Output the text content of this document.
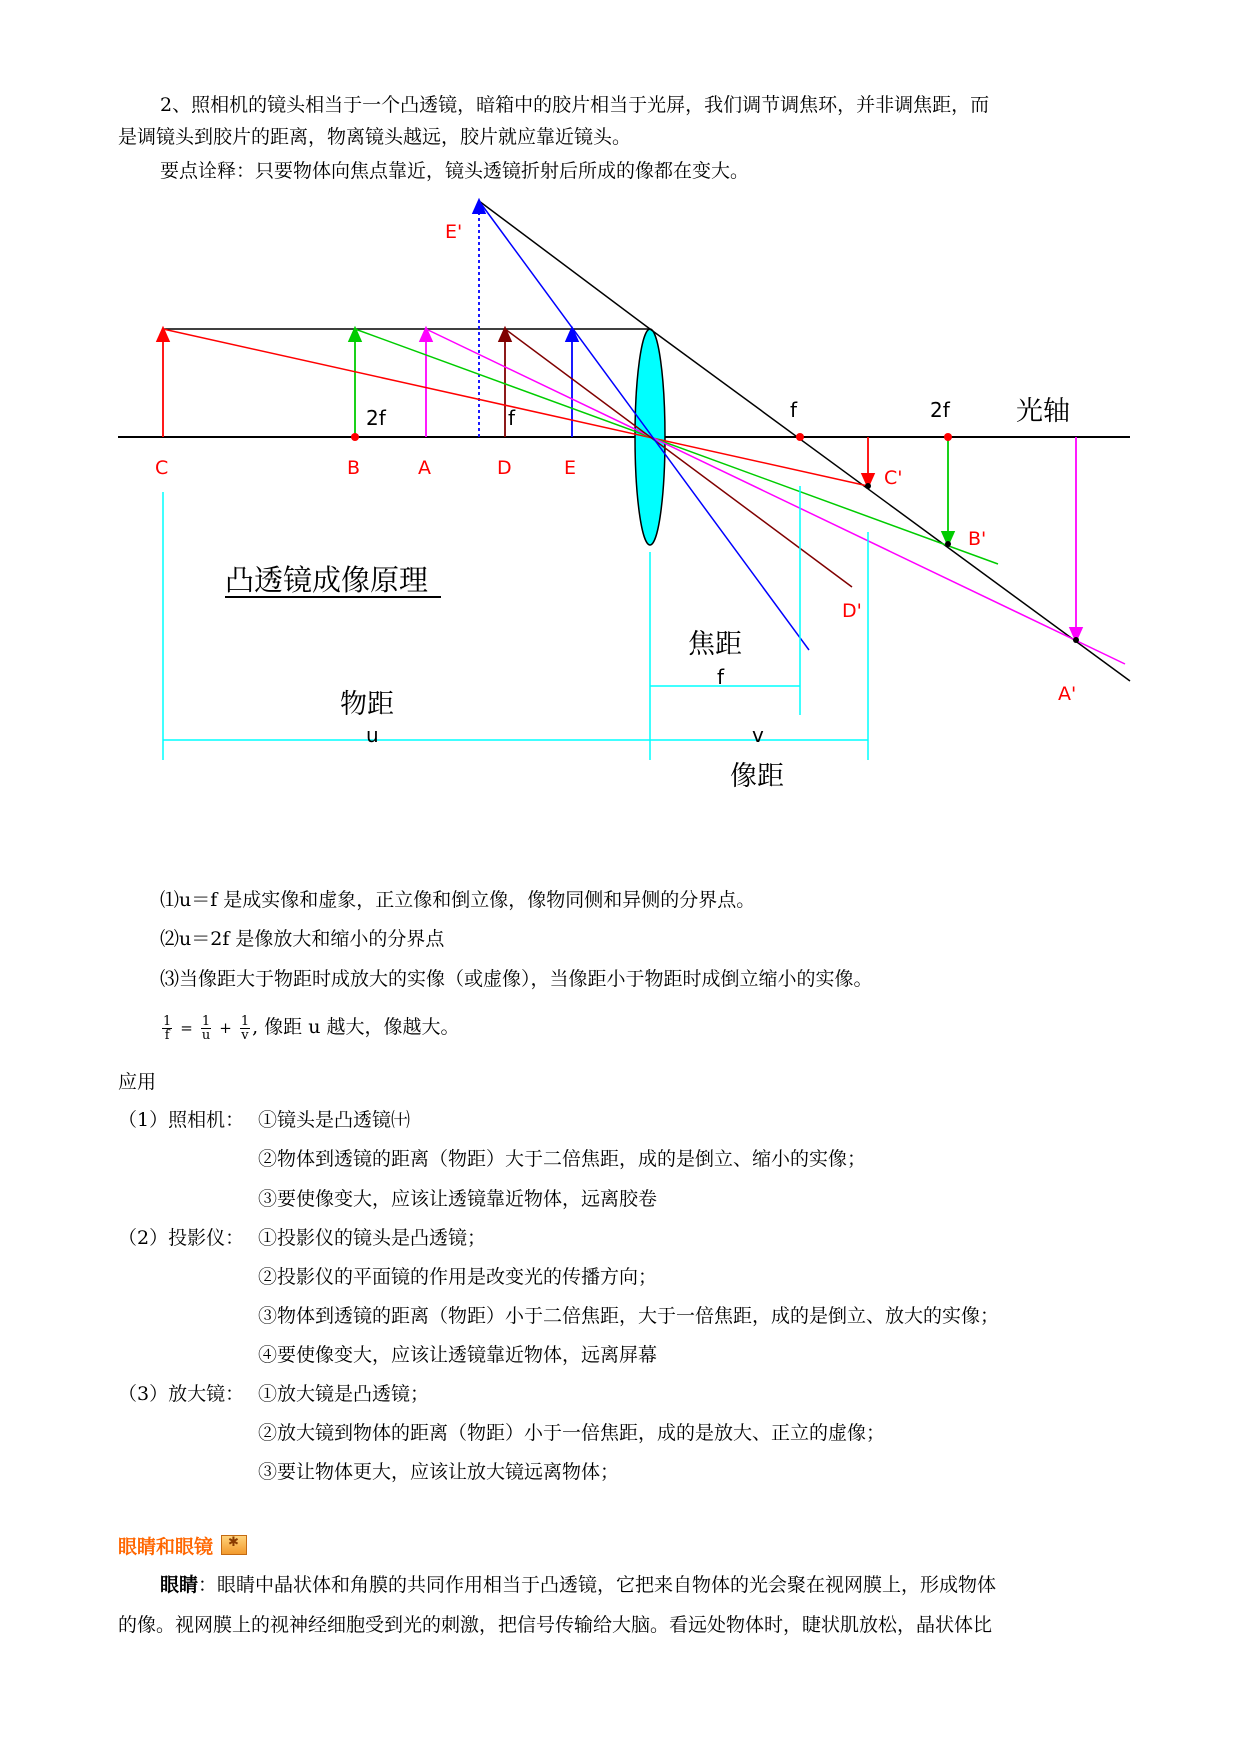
2、照相机的镜头相当于一个凸透镜，暗箱中的胶片相当于光屏，我们调节调焦环，并非调焦距，而
是调镜头到胶片的距离，物离镜头越远，胶片就应靠近镜头。
要点诠释：只要物体向焦点靠近，镜头透镜折射后所成的像都在变大。
C	B	A	D	E
E'
C'
B'
D'
A'
2f	f	f	2f 光轴
凸透镜成像原理
焦距
f
物距
u	v
像距
⑴u＝f 是成实像和虚象，正立像和倒立像，像物同侧和异侧的分界点。
⑵u＝2f 是像放大和缩小的分界点
⑶当像距大于物距时成放大的实像（或虚像），当像距小于物距时成倒立缩小的实像。
$\frac{1}{f} = \frac{1}{u} + \frac{1}{v}$ , 像距 u 越大，像越大。
应用
（1）照相机： ①镜头是凸透镜㈩
②物体到透镜的距离（物距）大于二倍焦距，成的是倒立、缩小的实像；
③要使像变大，应该让透镜靠近物体，远离胶卷
（2）投影仪： ①投影仪的镜头是凸透镜；
②投影仪的平面镜的作用是改变光的传播方向；
③物体到透镜的距离（物距）小于二倍焦距，大于一倍焦距，成的是倒立、放大的实像；
④要使像变大，应该让透镜靠近物体，远离屏幕
（3）放大镜： ①放大镜是凸透镜；
②放大镜到物体的距离（物距）小于一倍焦距，成的是放大、正立的虚像；
③要让物体更大，应该让放大镜远离物体；
眼睛和眼镜✱
眼睛：眼睛中晶状体和角膜的共同作用相当于凸透镜，它把来自物体的光会聚在视网膜上，形成物体
的像。视网膜上的视神经细胞受到光的刺激，把信号传输给大脑。看远处物体时，睫状肌放松，晶状体比
